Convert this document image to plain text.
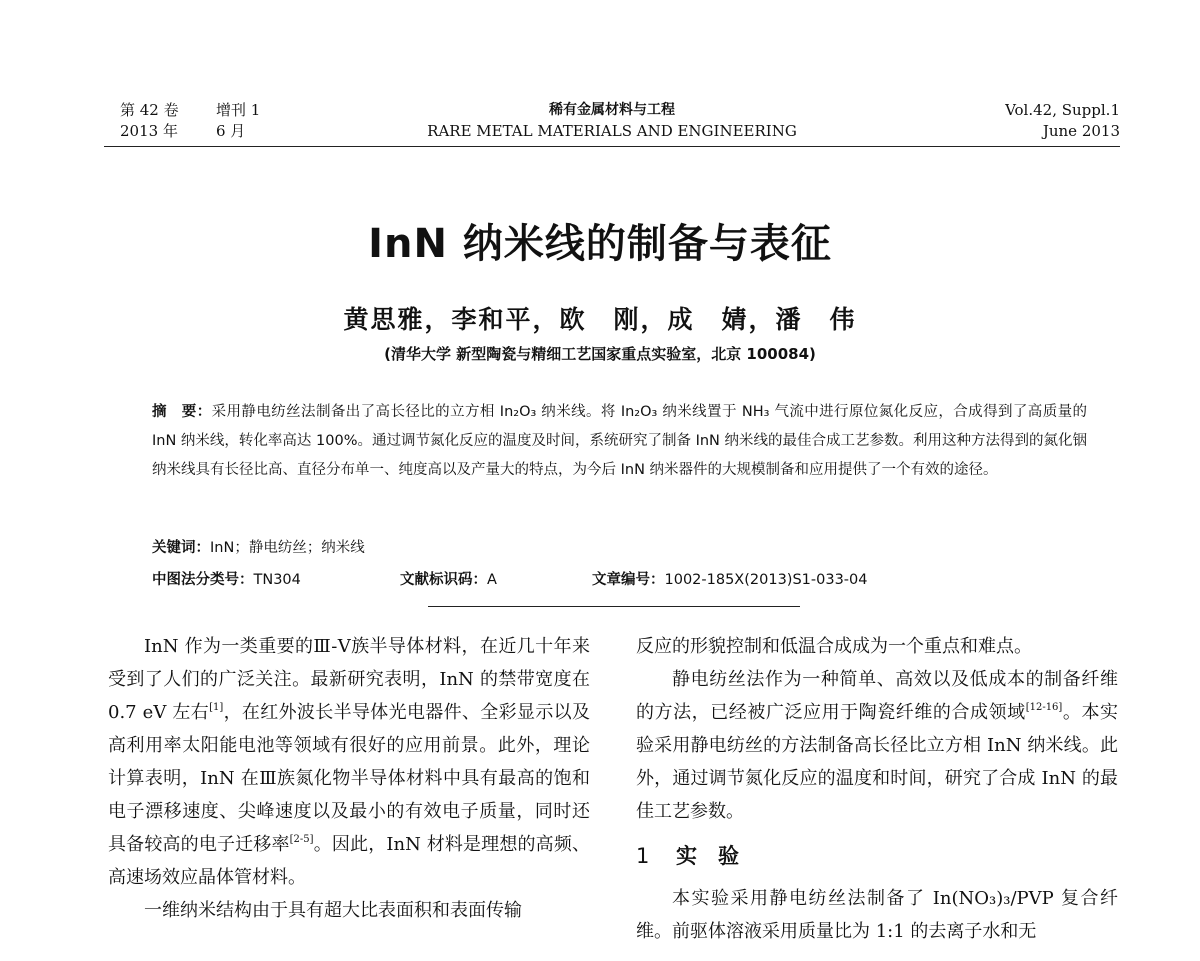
第 42 卷 增刊 1
2013 年	6 月
稀有金属材料与工程
RARE METAL MATERIALS AND ENGINEERING
Vol.42, Suppl.1
June 2013
InN 纳米线的制备与表征
黄思雅，李和平，欧　刚，成　婧，潘　伟
(清华大学 新型陶瓷与精细工艺国家重点实验室，北京 100084)
摘　要：采用静电纺丝法制备出了高长径比的立方相 In₂O₃ 纳米线。将 In₂O₃ 纳米线置于 NH₃ 气流中进行原位氮化反应，合成得到了高质量的 InN 纳米线，转化率高达 100%。通过调节氮化反应的温度及时间，系统研究了制备 InN 纳米线的最佳合成工艺参数。利用这种方法得到的氮化铟纳米线具有长径比高、直径分布单一、纯度高以及产量大的特点，为今后 InN 纳米器件的大规模制备和应用提供了一个有效的途径。
关键词：InN；静电纺丝；纳米线
中图法分类号：TN304	文献标识码：A	文章编号：1002-185X(2013)S1-033-04

InN 作为一类重要的Ⅲ-Ⅴ族半导体材料，在近几十年来受到了人们的广泛关注。最新研究表明，InN 的禁带宽度在 0.7 eV 左右[1]，在红外波长半导体光电器件、全彩显示以及高利用率太阳能电池等领域有很好的应用前景。此外，理论计算表明，InN 在Ⅲ族氮化物半导体材料中具有最高的饱和电子漂移速度、尖峰速度以及最小的有效电子质量，同时还具备较高的电子迁移率[2-5]。因此，InN 材料是理想的高频、高速场效应晶体管材料。

一维纳米结构由于具有超大比表面积和表面传输

反应的形貌控制和低温合成成为一个重点和难点。

静电纺丝法作为一种简单、高效以及低成本的制备纤维的方法，已经被广泛应用于陶瓷纤维的合成领域[12-16]。本实验采用静电纺丝的方法制备高长径比立方相 InN 纳米线。此外，通过调节氮化反应的温度和时间，研究了合成 InN 的最佳工艺参数。

1 实　验

本实验采用静电纺丝法制备了 In(NO₃)₃/PVP 复合纤维。前驱体溶液采用质量比为 1:1 的去离子水和无
